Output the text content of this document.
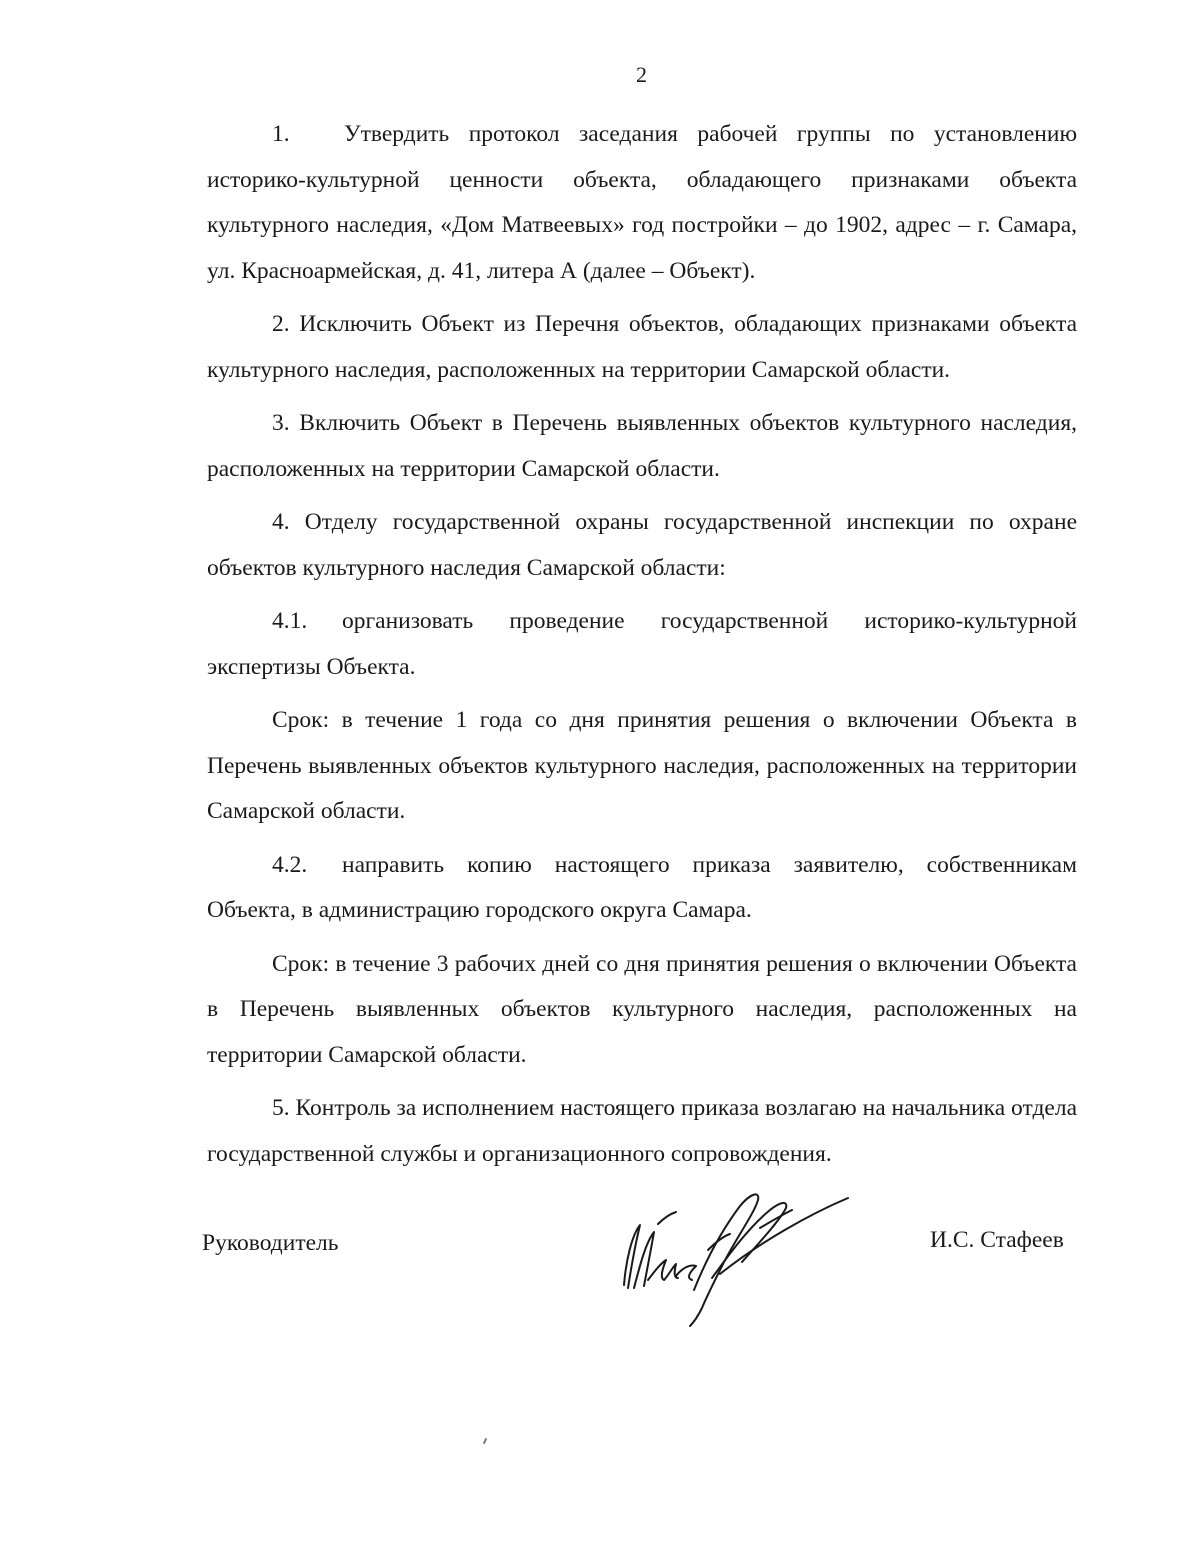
2

1. Утвердить протокол заседания рабочей группы по установлению историко-культурной ценности объекта, обладающего признаками объекта культурного наследия, «Дом Матвеевых» год постройки – до 1902, адрес – г. Самара, ул. Красноармейская, д. 41, литера А (далее – Объект).

2. Исключить Объект из Перечня объектов, обладающих признаками объекта культурного наследия, расположенных на территории Самарской области.

3. Включить Объект в Перечень выявленных объектов культурного наследия, расположенных на территории Самарской области.

4. Отделу государственной охраны государственной инспекции по охране объектов культурного наследия Самарской области:

4.1. организовать проведение государственной историко-культурной экспертизы Объекта.

Срок: в течение 1 года со дня принятия решения о включении Объекта в Перечень выявленных объектов культурного наследия, расположенных на территории Самарской области.

4.2. направить копию настоящего приказа заявителю, собственникам Объекта, в администрацию городского округа Самара.

Срок: в течение 3 рабочих дней со дня принятия решения о включении Объекта в Перечень выявленных объектов культурного наследия, расположенных на территории Самарской области.

5. Контроль за исполнением настоящего приказа возлагаю на начальника отдела государственной службы и организационного сопровождения.

Руководитель	И.С. Стафеев
